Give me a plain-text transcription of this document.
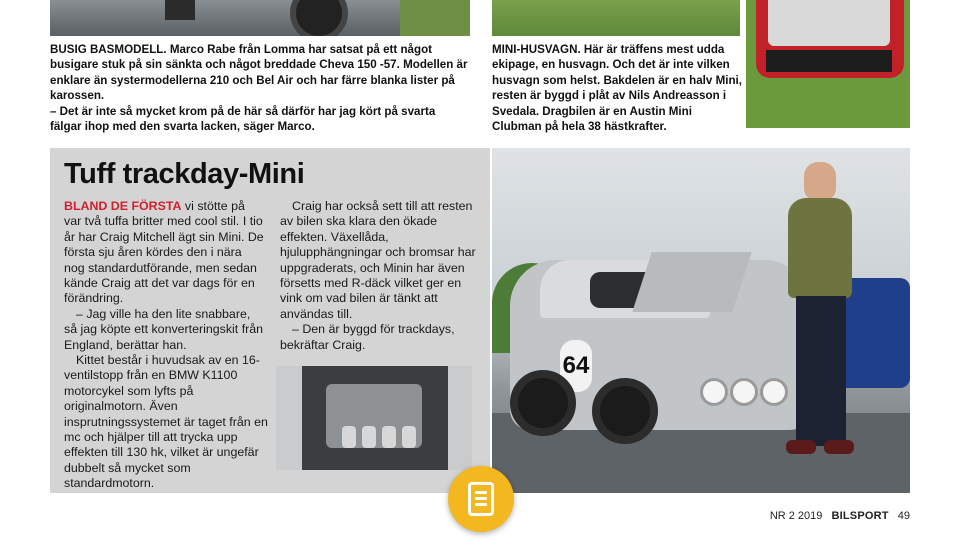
BUSIG BASMODELL. Marco Rabe från Lomma har satsat på ett något busigare stuk på sin sänkta och något breddade Cheva 150 -57. Modellen är enklare än systermodellerna 210 och Bel Air och har färre blanka lister på karossen.
– Det är inte så mycket krom på de här så därför har jag kört på svarta fälgar ihop med den svarta lacken, säger Marco.
MINI-HUSVAGN. Här är träffens mest udda ekipage, en husvagn. Och det är inte vilken husvagn som helst. Bakdelen är en halv Mini, resten är byggd i plåt av Nils Andreasson i Svedala. Dragbilen är en Austin Mini Clubman på hela 38 hästkrafter.
Tuff trackday-Mini

BLAND DE FÖRSTA vi stötte på var två tuffa britter med cool stil. I tio år har Craig Mitchell ägt sin Mini. De första sju åren kördes den i nära nog standardutförande, men sedan kände Craig att det var dags för en förändring.

– Jag ville ha den lite snabbare, så jag köpte ett konverteringskit från England, berättar han.

Kittet består i huvudsak av en 16-ventilstopp från en BMW K1100 motorcykel som lyfts på originalmotorn. Även insprutningssystemet är taget från en mc och hjälper till att trycka upp effekten till 130 hk, vilket är ungefär dubbelt så mycket som standardmotorn.

Craig har också sett till att resten av bilen ska klara den ökade effekten. Växellåda, hjulupphängningar och bromsar har uppgraderats, och Minin har även försetts med R-däck vilket ger en vink om vad bilen är tänkt att användas till.

– Den är byggd för trackdays, bekräftar Craig.

64
NR 2 2019 BILSPORT 49
